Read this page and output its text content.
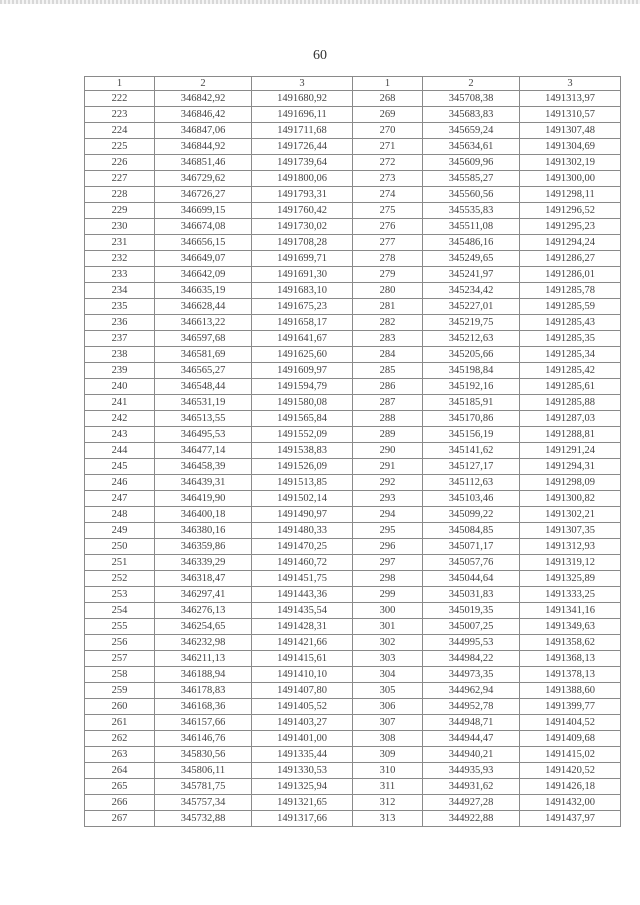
60
1	2	3	1	2	3
222	346842,92	1491680,92	268	345708,38	1491313,97
223	346846,42	1491696,11	269	345683,83	1491310,57
224	346847,06	1491711,68	270	345659,24	1491307,48
225	346844,92	1491726,44	271	345634,61	1491304,69
226	346851,46	1491739,64	272	345609,96	1491302,19
227	346729,62	1491800,06	273	345585,27	1491300,00
228	346726,27	1491793,31	274	345560,56	1491298,11
229	346699,15	1491760,42	275	345535,83	1491296,52
230	346674,08	1491730,02	276	345511,08	1491295,23
231	346656,15	1491708,28	277	345486,16	1491294,24
232	346649,07	1491699,71	278	345249,65	1491286,27
233	346642,09	1491691,30	279	345241,97	1491286,01
234	346635,19	1491683,10	280	345234,42	1491285,78
235	346628,44	1491675,23	281	345227,01	1491285,59
236	346613,22	1491658,17	282	345219,75	1491285,43
237	346597,68	1491641,67	283	345212,63	1491285,35
238	346581,69	1491625,60	284	345205,66	1491285,34
239	346565,27	1491609,97	285	345198,84	1491285,42
240	346548,44	1491594,79	286	345192,16	1491285,61
241	346531,19	1491580,08	287	345185,91	1491285,88
242	346513,55	1491565,84	288	345170,86	1491287,03
243	346495,53	1491552,09	289	345156,19	1491288,81
244	346477,14	1491538,83	290	345141,62	1491291,24
245	346458,39	1491526,09	291	345127,17	1491294,31
246	346439,31	1491513,85	292	345112,63	1491298,09
247	346419,90	1491502,14	293	345103,46	1491300,82
248	346400,18	1491490,97	294	345099,22	1491302,21
249	346380,16	1491480,33	295	345084,85	1491307,35
250	346359,86	1491470,25	296	345071,17	1491312,93
251	346339,29	1491460,72	297	345057,76	1491319,12
252	346318,47	1491451,75	298	345044,64	1491325,89
253	346297,41	1491443,36	299	345031,83	1491333,25
254	346276,13	1491435,54	300	345019,35	1491341,16
255	346254,65	1491428,31	301	345007,25	1491349,63
256	346232,98	1491421,66	302	344995,53	1491358,62
257	346211,13	1491415,61	303	344984,22	1491368,13
258	346188,94	1491410,10	304	344973,35	1491378,13
259	346178,83	1491407,80	305	344962,94	1491388,60
260	346168,36	1491405,52	306	344952,78	1491399,77
261	346157,66	1491403,27	307	344948,71	1491404,52
262	346146,76	1491401,00	308	344944,47	1491409,68
263	345830,56	1491335,44	309	344940,21	1491415,02
264	345806,11	1491330,53	310	344935,93	1491420,52
265	345781,75	1491325,94	311	344931,62	1491426,18
266	345757,34	1491321,65	312	344927,28	1491432,00
267	345732,88	1491317,66	313	344922,88	1491437,97
